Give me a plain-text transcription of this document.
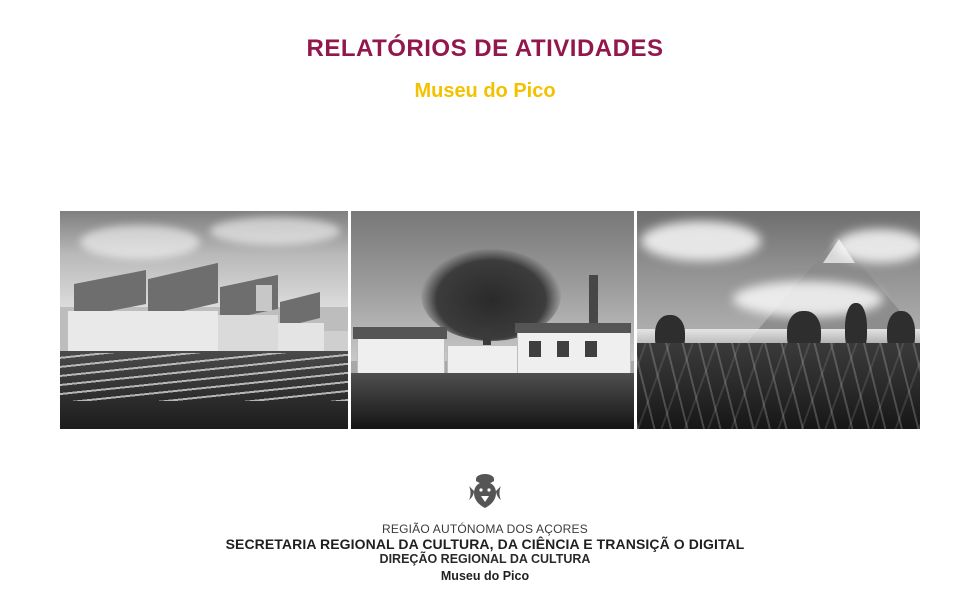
RELATÓRIOS DE ATIVIDADES
Museu do Pico

REGIÃO AUTÓNOMA DOS AÇORES

SECRETARIA REGIONAL DA CULTURA, DA CIÊNCIA E TRANSIÇÃ O DIGITAL

DIREÇÃO REGIONAL DA CULTURA

Museu do Pico
